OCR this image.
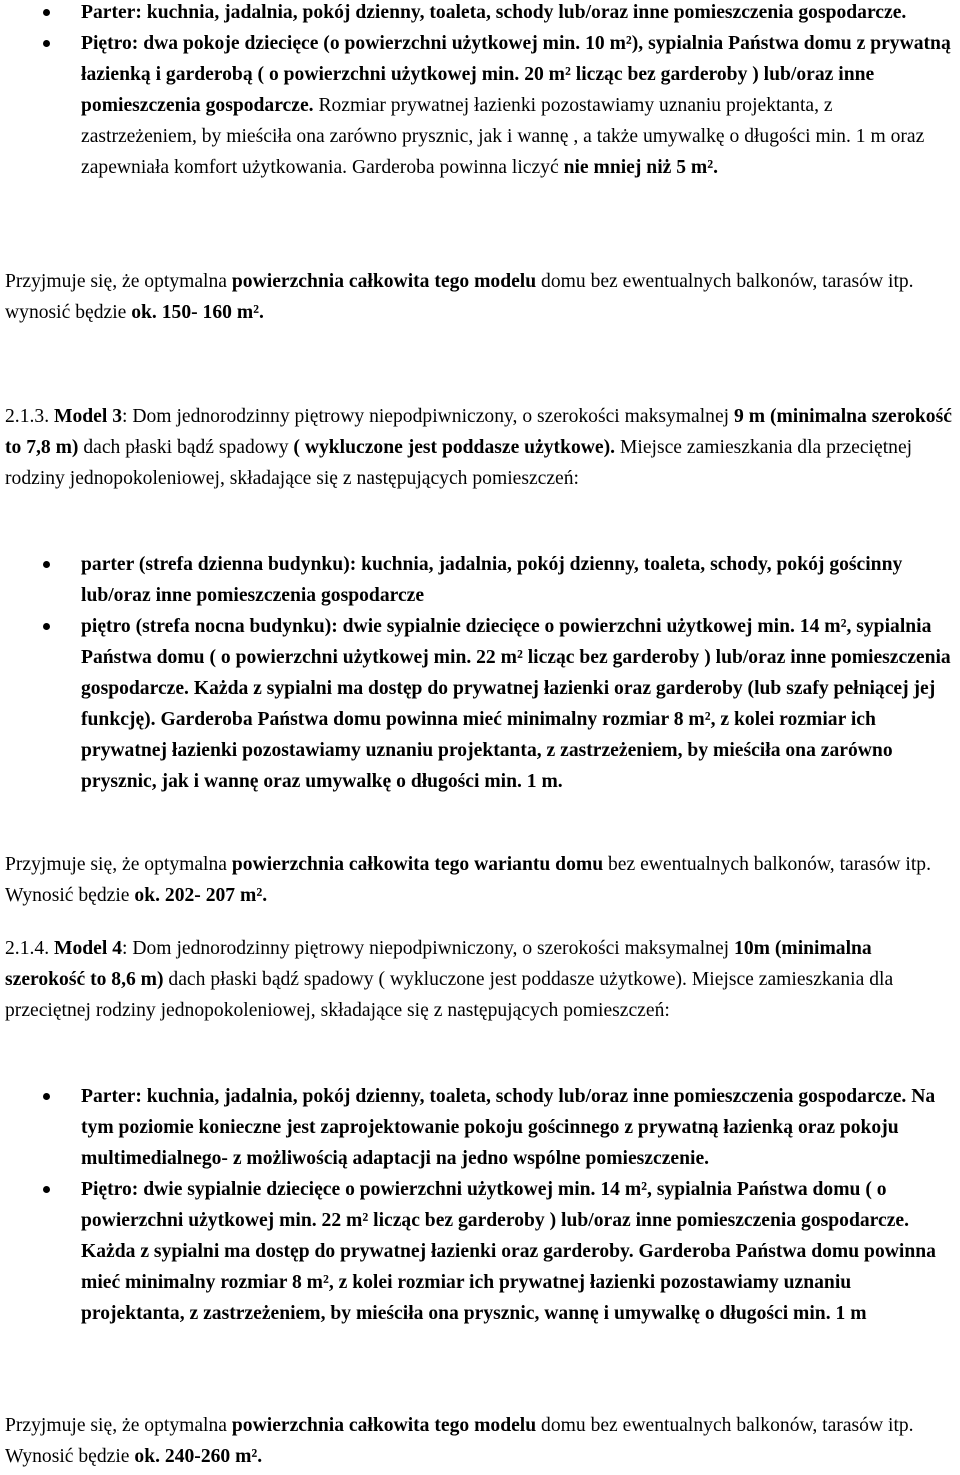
Parter: kuchnia, jadalnia, pokój dzienny, toaleta, schody lub/oraz inne pomieszczenia gospodarcze.
Piętro: dwa pokoje dziecięce (o powierzchni użytkowej min. 10 m²), sypialnia Państwa domu z prywatną łazienką i garderobą ( o powierzchni użytkowej min. 20 m² licząc bez garderoby ) lub/oraz inne pomieszczenia gospodarcze. Rozmiar prywatnej łazienki pozostawiamy uznaniu projektanta, z zastrzeżeniem, by mieściła ona zarówno prysznic, jak i wannę , a także umywalkę o długości min. 1 m oraz zapewniała komfort użytkowania. Garderoba powinna liczyć nie mniej niż 5 m².

Przyjmuje się, że optymalna powierzchnia całkowita tego modelu domu bez ewentualnych balkonów, tarasów itp. wynosić będzie ok. 150- 160 m².

2.1.3. Model 3: Dom jednorodzinny piętrowy niepodpiwniczony, o szerokości maksymalnej 9 m (minimalna szerokość to 7,8 m) dach płaski bądź spadowy ( wykluczone jest poddasze użytkowe). Miejsce zamieszkania dla przeciętnej rodziny jednopokoleniowej, składające się z następujących pomieszczeń:

parter (strefa dzienna budynku): kuchnia, jadalnia, pokój dzienny, toaleta, schody, pokój gościnny lub/oraz inne pomieszczenia gospodarcze
piętro (strefa nocna budynku): dwie sypialnie dziecięce o powierzchni użytkowej min. 14 m², sypialnia Państwa domu ( o powierzchni użytkowej min. 22 m² licząc bez garderoby ) lub/oraz inne pomieszczenia gospodarcze. Każda z sypialni ma dostęp do prywatnej łazienki oraz garderoby (lub szafy pełniącej jej funkcję). Garderoba Państwa domu powinna mieć minimalny rozmiar 8 m², z kolei rozmiar ich prywatnej łazienki pozostawiamy uznaniu projektanta, z zastrzeżeniem, by mieściła ona zarówno prysznic, jak i wannę oraz umywalkę o długości min. 1 m.

Przyjmuje się, że optymalna powierzchnia całkowita tego wariantu domu bez ewentualnych balkonów, tarasów itp. Wynosić będzie ok. 202- 207 m².

2.1.4. Model 4: Dom jednorodzinny piętrowy niepodpiwniczony, o szerokości maksymalnej 10m (minimalna szerokość to 8,6 m) dach płaski bądź spadowy ( wykluczone jest poddasze użytkowe). Miejsce zamieszkania dla przeciętnej rodziny jednopokoleniowej, składające się z następujących pomieszczeń:

Parter: kuchnia, jadalnia, pokój dzienny, toaleta, schody lub/oraz inne pomieszczenia gospodarcze. Na tym poziomie konieczne jest zaprojektowanie pokoju gościnnego z prywatną łazienką oraz pokoju multimedialnego- z możliwością adaptacji na jedno wspólne pomieszczenie.
Piętro: dwie sypialnie dziecięce o powierzchni użytkowej min. 14 m², sypialnia Państwa domu ( o powierzchni użytkowej min. 22 m² licząc bez garderoby ) lub/oraz inne pomieszczenia gospodarcze. Każda z sypialni ma dostęp do prywatnej łazienki oraz garderoby. Garderoba Państwa domu powinna mieć minimalny rozmiar 8 m², z kolei rozmiar ich prywatnej łazienki pozostawiamy uznaniu projektanta, z zastrzeżeniem, by mieściła ona prysznic, wannę i umywalkę o długości min. 1 m

Przyjmuje się, że optymalna powierzchnia całkowita tego modelu domu bez ewentualnych balkonów, tarasów itp. Wynosić będzie ok. 240-260 m².
